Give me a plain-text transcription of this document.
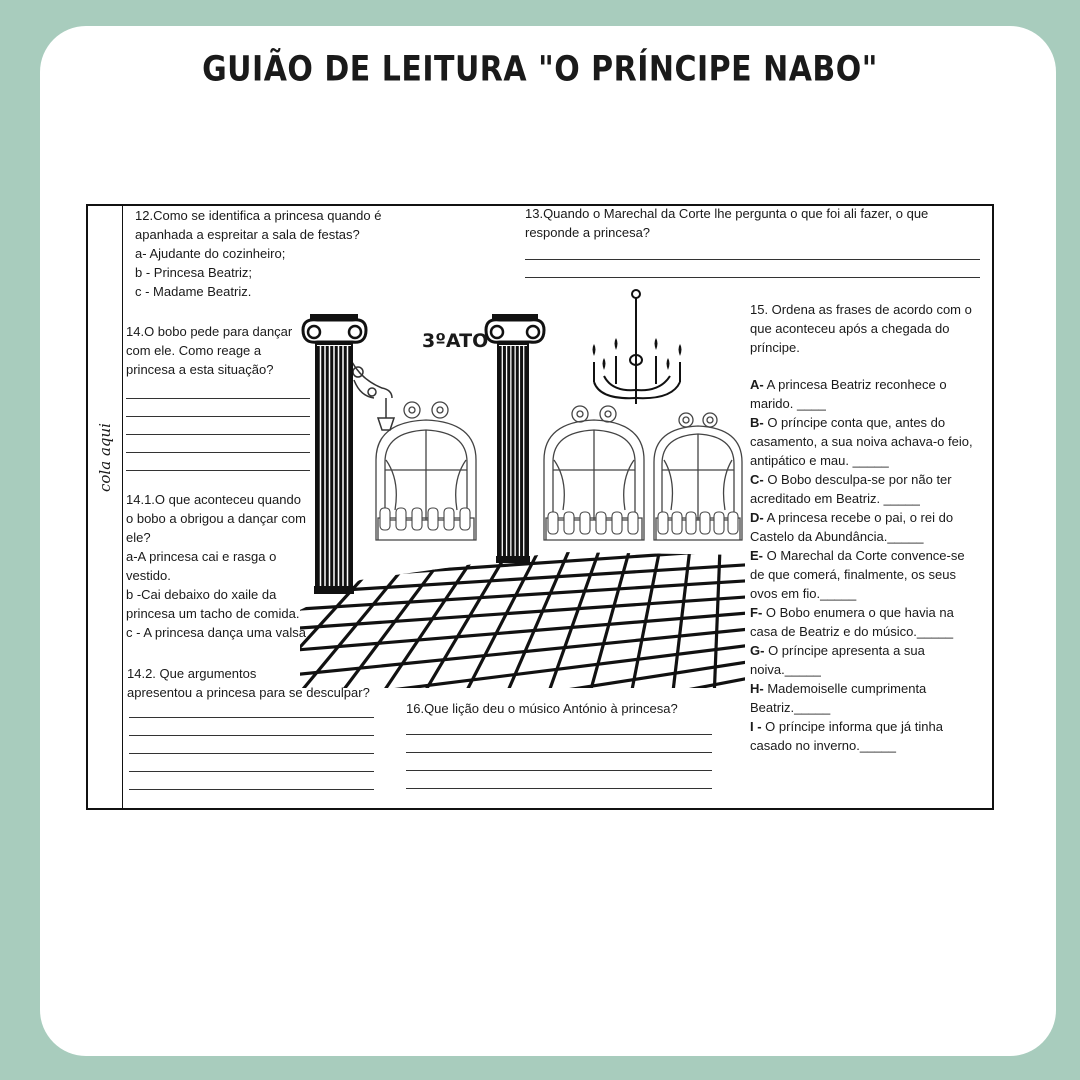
GUIÃO DE LEITURA "O PRÍNCIPE NABO"
cola aqui
3ºATO
12.Como se identifica a princesa quando é
apanhada a espreitar a sala de festas?
a- Ajudante do cozinheiro;
b - Princesa Beatriz;
c - Madame Beatriz.
13.Quando o Marechal da Corte lhe pergunta o que foi ali fazer, o que
responde a princesa?
14.O bobo pede para dançar
com ele. Como reage a
princesa a esta situação?
14.1.O que aconteceu quando
o bobo a obrigou a dançar com
ele?
a-A princesa cai e rasga o
vestido.
b -Cai debaixo do xaile da
princesa um tacho de comida.
c - A princesa dança uma valsa
14.2. Que argumentos
apresentou a princesa para se desculpar?
16.Que lição deu o músico António à princesa?
15. Ordena as frases de acordo com o
que aconteceu após a chegada do
príncipe.
A- A princesa Beatriz reconhece o
marido. ____
B- O príncipe conta que, antes do
casamento, a sua noiva achava-o feio,
antipático e mau. _____
C- O Bobo desculpa-se por não ter
acreditado em Beatriz. _____
D- A princesa recebe o pai, o rei do
Castelo da Abundância._____
E- O Marechal da Corte convence-se
de que comerá, finalmente, os seus
ovos em fio._____
F- O Bobo enumera o que havia na
casa de Beatriz e do músico._____
G- O príncipe apresenta a sua
noiva._____
H- Mademoiselle cumprimenta
Beatriz._____
I - O príncipe informa que já tinha
casado no inverno._____
